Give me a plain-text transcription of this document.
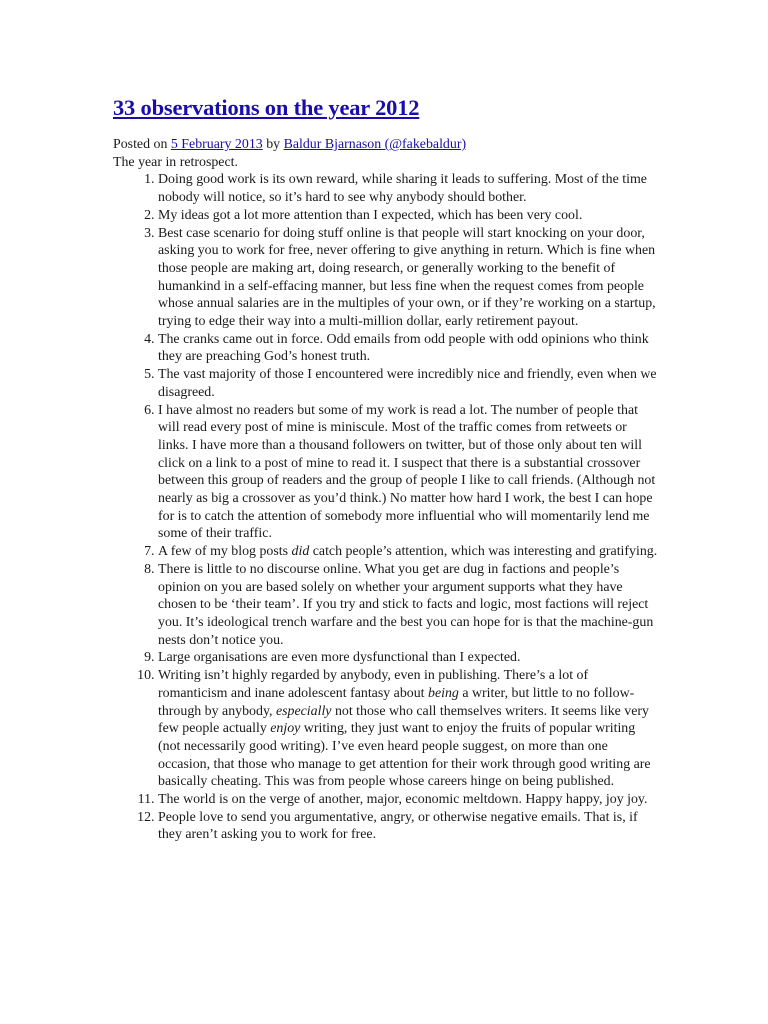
33 observations on the year 2012
Posted on 5 February 2013 by Baldur Bjarnason (@fakebaldur)

The year in retrospect.

1. Doing good work is its own reward, while sharing it leads to suffering. Most of the time nobody will notice, so it’s hard to see why anybody should bother.
2. My ideas got a lot more attention than I expected, which has been very cool.
3. Best case scenario for doing stuff online is that people will start knocking on your door, asking you to work for free, never offering to give anything in return. Which is fine when those people are making art, doing research, or generally working to the benefit of humankind in a self-effacing manner, but less fine when the request comes from people whose annual salaries are in the multiples of your own, or if they’re working on a startup, trying to edge their way into a multi-million dollar, early retirement payout.
4. The cranks came out in force. Odd emails from odd people with odd opinions who think they are preaching God’s honest truth.
5. The vast majority of those I encountered were incredibly nice and friendly, even when we disagreed.
6. I have almost no readers but some of my work is read a lot. The number of people that will read every post of mine is miniscule. Most of the traffic comes from retweets or links. I have more than a thousand followers on twitter, but of those only about ten will click on a link to a post of mine to read it. I suspect that there is a substantial crossover between this group of readers and the group of people I like to call friends. (Although not nearly as big a crossover as you’d think.) No matter how hard I work, the best I can hope for is to catch the attention of somebody more influential who will momentarily lend me some of their traffic.
7. A few of my blog posts did catch people’s attention, which was interesting and gratifying.
8. There is little to no discourse online. What you get are dug in factions and people’s opinion on you are based solely on whether your argument supports what they have chosen to be ‘their team’. If you try and stick to facts and logic, most factions will reject you. It’s ideological trench warfare and the best you can hope for is that the machine-gun nests don’t notice you.
9. Large organisations are even more dysfunctional than I expected.
10. Writing isn’t highly regarded by anybody, even in publishing. There’s a lot of romanticism and inane adolescent fantasy about being a writer, but little to no follow-through by anybody, especially not those who call themselves writers. It seems like very few people actually enjoy writing, they just want to enjoy the fruits of popular writing (not necessarily good writing). I’ve even heard people suggest, on more than one occasion, that those who manage to get attention for their work through good writing are basically cheating. This was from people whose careers hinge on being published.
11. The world is on the verge of another, major, economic meltdown. Happy happy, joy joy.
12. People love to send you argumentative, angry, or otherwise negative emails. That is, if they aren’t asking you to work for free.
